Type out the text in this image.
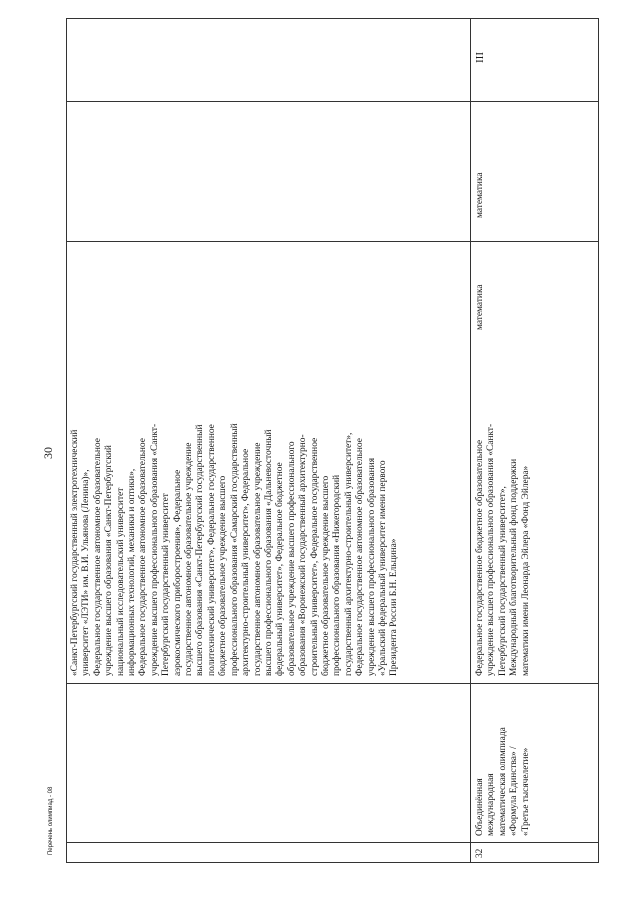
30
Перечень олимпиад - 08
«Санкт-Петербургский государственный электротехнический университет «ЛЭТИ» им. В.И. Ульянова (Ленина)», Федеральное государственное автономное образовательное учреждение высшего образования «Санкт-Петербургский национальный исследовательский университет информационных технологий, механики и оптики», Федеральное государственное автономное образовательное учреждение высшего профессионального образования «Санкт- Петербургский государственный университет аэрокосмического приборостроения», Федеральное государственное автономное образовательное учреждение высшего образования «Санкт-Петербургский государственный политехнический университет», Федеральное государственное бюджетное образовательное учреждение высшего профессионального образования «Самарский государственный архитектурно-строительный университет», Федеральное государственное автономное образовательное учреждение высшего профессионального образования «Дальневосточный федеральный университет», Федеральное бюджетное образовательное учреждение высшего профессионального образования «Воронежский государственный архитектурно- строительный университет», Федеральное государственное бюджетное образовательное учреждение высшего профессионального образования «Нижегородский государственный архитектурно-строительный университет», Федеральное государственное автономное образовательное учреждение высшего профессионального образования «Уральский федеральный университет имени первого Президента России Б.Н. Ельцина»
32
Объединённая международная математическая олимпиада «Формула Единства» / «Третье тысячелетие»
Федеральное государственное бюджетное образовательное учреждение высшего профессионального образования «Санкт- Петербургский государственный университет», Международный благотворительный фонд поддержки математики имени Леонарда Эйлера «Фонд Эйлера»
математика
математика
III
